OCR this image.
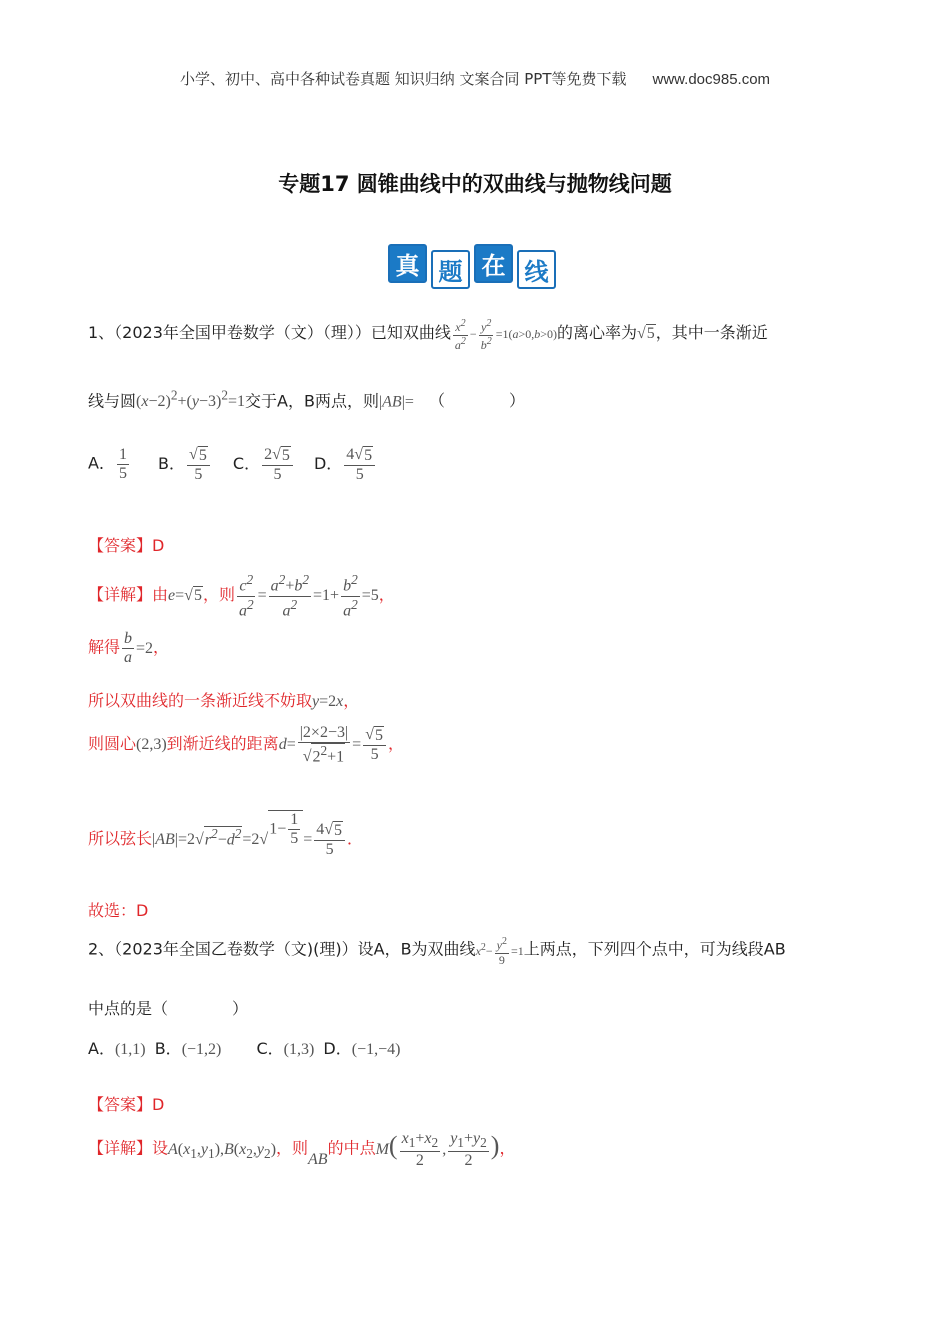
小学、初中、高中各种试卷真题 知识归纳 文案合同 PPT等免费下载 www.doc985.com
专题17 圆锥曲线中的双曲线与抛物线问题
真 题 在 线
1、（2023年全国甲卷数学（文）（理））已知双曲线 $\frac{x^2}{a^2} - \frac{y^2}{b^2} =1(a>0,b>0)$的离心率为 √ 5 ，其中一条渐近
线与圆$(x-2)^2+(y-3)^2=1$交于A，B两点，则|AB|= （　　　　）
A． $\frac{1}{5}$ B． $\frac{√ 5}{5}$ C． $\frac{2 √ 5}{5}$ D． $\frac{4 √ 5}{5}$
【答案】D
【详解】由e= √ 5 ，则 $\frac{c^2}{a^2} = \frac{a^2+b^2}{a^2} =1+ \frac{b^2}{a^2} =5$，
解得 $\frac{b}{a} =2$，
所以双曲线的一条渐近线不妨取y=2x，
则圆心(2,3)到渐近线的距离$d= \frac{|2\times 2-3|}{√ 2^2+1} = \frac{√ 5}{5}$ ，
所以弦长|AB|=2 √ $r^2-d^2 =2$ √
$1- \frac{1}{5} = \frac{4 √ 5}{5}$ ．
故选：D
2、（2023年全国乙卷数学（文)(理)）设A，B为双曲线$x^2- \frac{y^2}{9} =1$上两点，下列四个点中，可为线段AB
中点的是（　　　　）
A．(1,1) B．(−1,2) C．(1,3) D．(−1,−4)
【答案】D
【详解】设$A(x_1,y_1),B(x_2,y_2)$，则AB的中点$M( \frac{x_1+x_2}{2}$ , $\frac{y_1+y_2}{2}$ )，
